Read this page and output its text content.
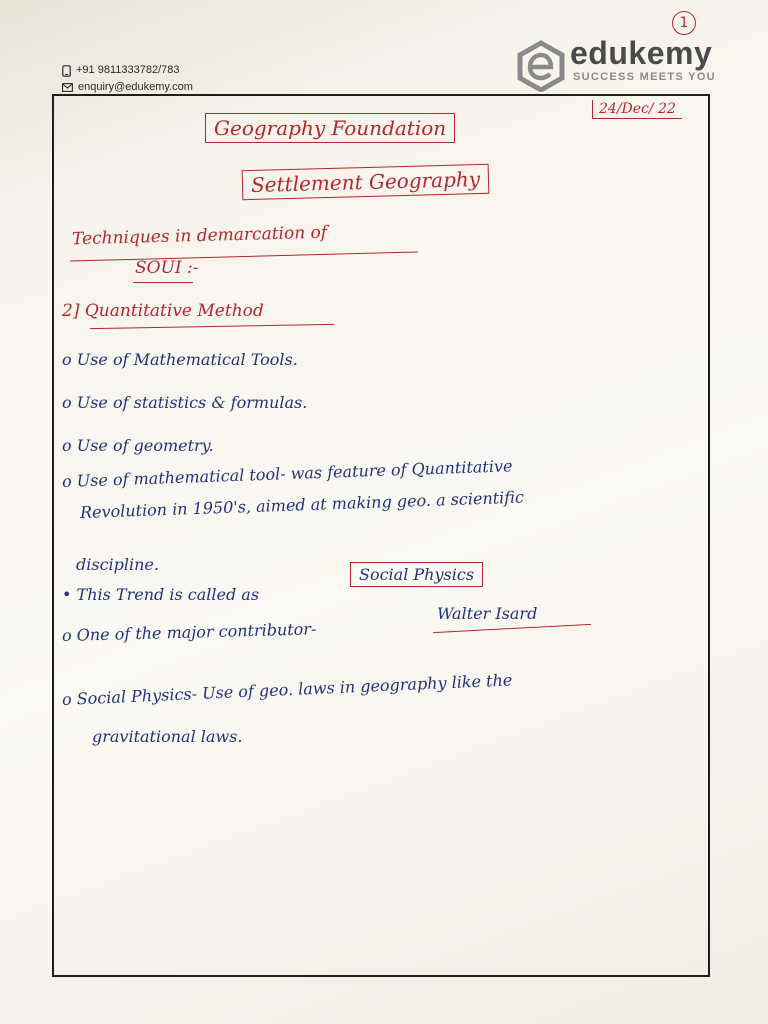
1
+91 9811333782/783
enquiry@edukemy.com
edukemy
SUCCESS MEETS YOU
24/Dec/ 22
Geography Foundation
Settlement Geography
Techniques in demarcation of
SOUI :-
2] Quantitative Method
o Use of Mathematical Tools.
o Use of statistics & formulas.
o Use of geometry.
o Use of mathematical tool- was feature of Quantitative
Revolution in 1950's, aimed at making geo. a scientific
discipline.
• This Trend is called as
Social Physics
o One of the major contributor-
Walter Isard
o Social Physics- Use of geo. laws in geography like the
gravitational laws.
